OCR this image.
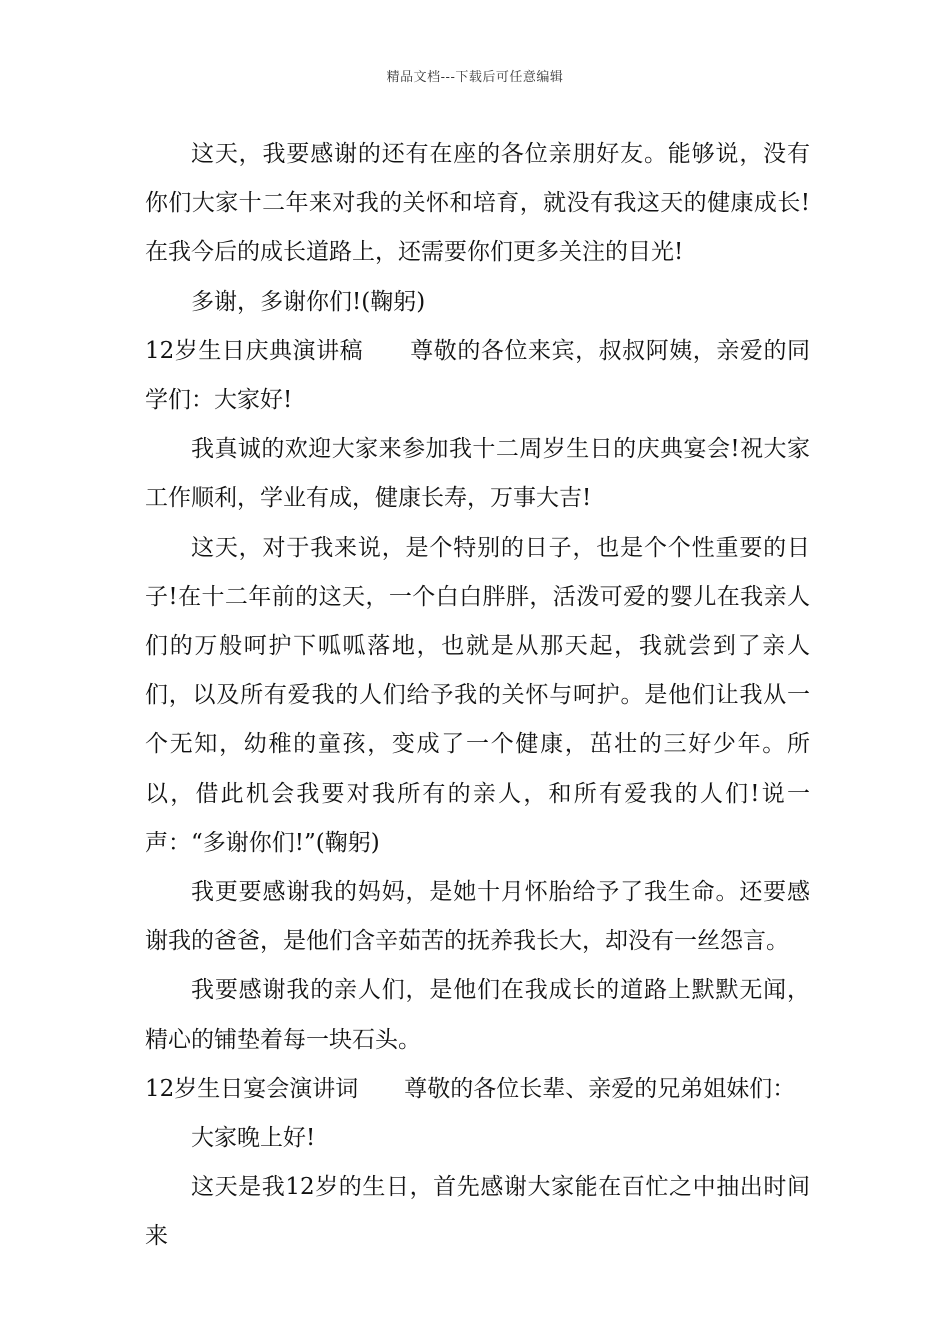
精品文档---下载后可任意编辑

这天，我要感谢的还有在座的各位亲朋好友。能够说，没有你们大家十二年来对我的关怀和培育，就没有我这天的健康成长!在我今后的成长道路上，还需要你们更多关注的目光!

多谢，多谢你们!(鞠躬)

12岁生日庆典演讲稿　　尊敬的各位来宾，叔叔阿姨，亲爱的同学们：大家好!

我真诚的欢迎大家来参加我十二周岁生日的庆典宴会!祝大家工作顺利，学业有成，健康长寿，万事大吉!

这天，对于我来说，是个特别的日子，也是个个性重要的日子!在十二年前的这天，一个白白胖胖，活泼可爱的婴儿在我亲人们的万般呵护下呱呱落地，也就是从那天起，我就尝到了亲人们，以及所有爱我的人们给予我的关怀与呵护。是他们让我从一个无知，幼稚的童孩，变成了一个健康，茁壮的三好少年。所以，借此机会我要对我所有的亲人，和所有爱我的人们!说一声：“多谢你们!”(鞠躬)

我更要感谢我的妈妈，是她十月怀胎给予了我生命。还要感谢我的爸爸，是他们含辛茹苦的抚养我长大，却没有一丝怨言。

我要感谢我的亲人们，是他们在我成长的道路上默默无闻，精心的铺垫着每一块石头。

12岁生日宴会演讲词　　尊敬的各位长辈、亲爱的兄弟姐妹们：

大家晚上好!

这天是我12岁的生日，首先感谢大家能在百忙之中抽出时间来
